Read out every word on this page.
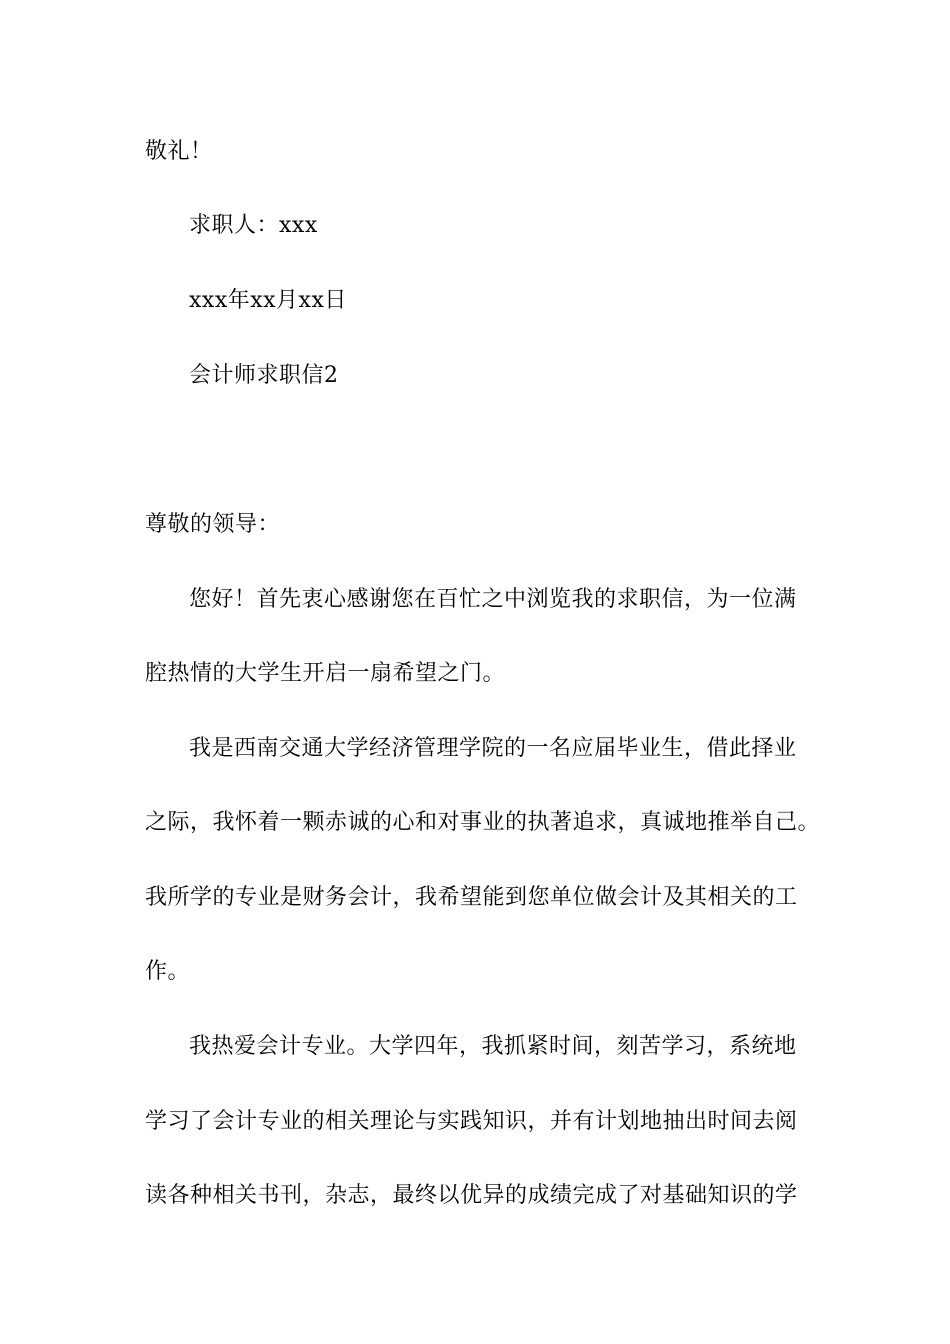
敬礼！
求职人：xxx
xxx年xx月xx日
会计师求职信2
尊敬的领导：
您好！首先衷心感谢您在百忙之中浏览我的求职信，为一位满
腔热情的大学生开启一扇希望之门。
我是西南交通大学经济管理学院的一名应届毕业生，借此择业
之际，我怀着一颗赤诚的心和对事业的执著追求，真诚地推举自己。
我所学的专业是财务会计，我希望能到您单位做会计及其相关的工
作。
我热爱会计专业。大学四年，我抓紧时间，刻苦学习，系统地
学习了会计专业的相关理论与实践知识，并有计划地抽出时间去阅
读各种相关书刊，杂志，最终以优异的成绩完成了对基础知识的学
